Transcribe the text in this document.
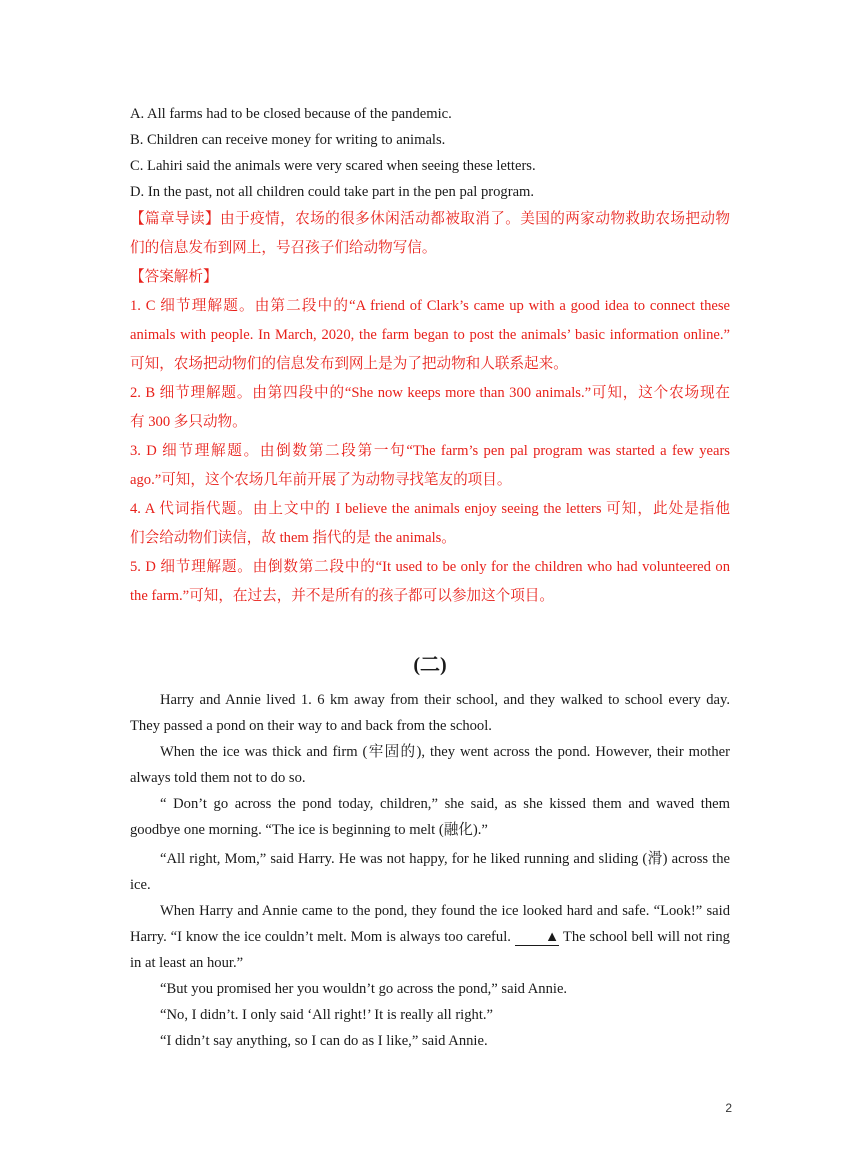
A. All farms had to be closed because of the pandemic.
B. Children can receive money for writing to animals.
C. Lahiri said the animals were very scared when seeing these letters.
D. In the past, not all children could take part in the pen pal program.
【篇章导读】由于疫情，农场的很多休闲活动都被取消了。美国的两家动物救助农场把动物
们的信息发布到网上，号召孩子们给动物写信。
【答案解析】
1. C 细节理解题。由第二段中的“A friend of Clark’s came up with a good idea to connect these
animals with people. In March, 2020, the farm began to post the animals’ basic information online.”
可知，农场把动物们的信息发布到网上是为了把动物和人联系起来。
2. B 细节理解题。由第四段中的“She now keeps more than 300 animals.”可知，这个农场现在
有 300 多只动物。
3. D 细节理解题。由倒数第二段第一句“The farm’s pen pal program was started a few years
ago.”可知，这个农场几年前开展了为动物寻找笔友的项目。
4. A 代词指代题。由上文中的 I believe the animals enjoy seeing the letters 可知，此处是指他
们会给动物们读信，故 them 指代的是 the animals。
5. D 细节理解题。由倒数第二段中的“It used to be only for the children who had volunteered on
the farm.”可知，在过去，并不是所有的孩子都可以参加这个项目。
(二)

Harry and Annie lived 1. 6 km away from their school, and they walked to school every day. They passed a pond on their way to and back from the school.

When the ice was thick and firm (牢固的), they went across the pond. However, their mother always told them not to do so.

“ Don’t go across the pond today, children,” she said, as she kissed them and waved them goodbye one morning. “The ice is beginning to melt (融化).”

“All right, Mom,” said Harry. He was not happy, for he liked running and sliding (滑) across the ice.

When Harry and Annie came to the pond, they found the ice looked hard and safe. “Look!” said Harry. “I know the ice couldn’t melt. Mom is always too careful. ▲ The school bell will not ring in at least an hour.”

“But you promised her you wouldn’t go across the pond,” said Annie.

“No, I didn’t. I only said ‘All right!’ It is really all right.”

“I didn’t say anything, so I can do as I like,” said Annie.

2
